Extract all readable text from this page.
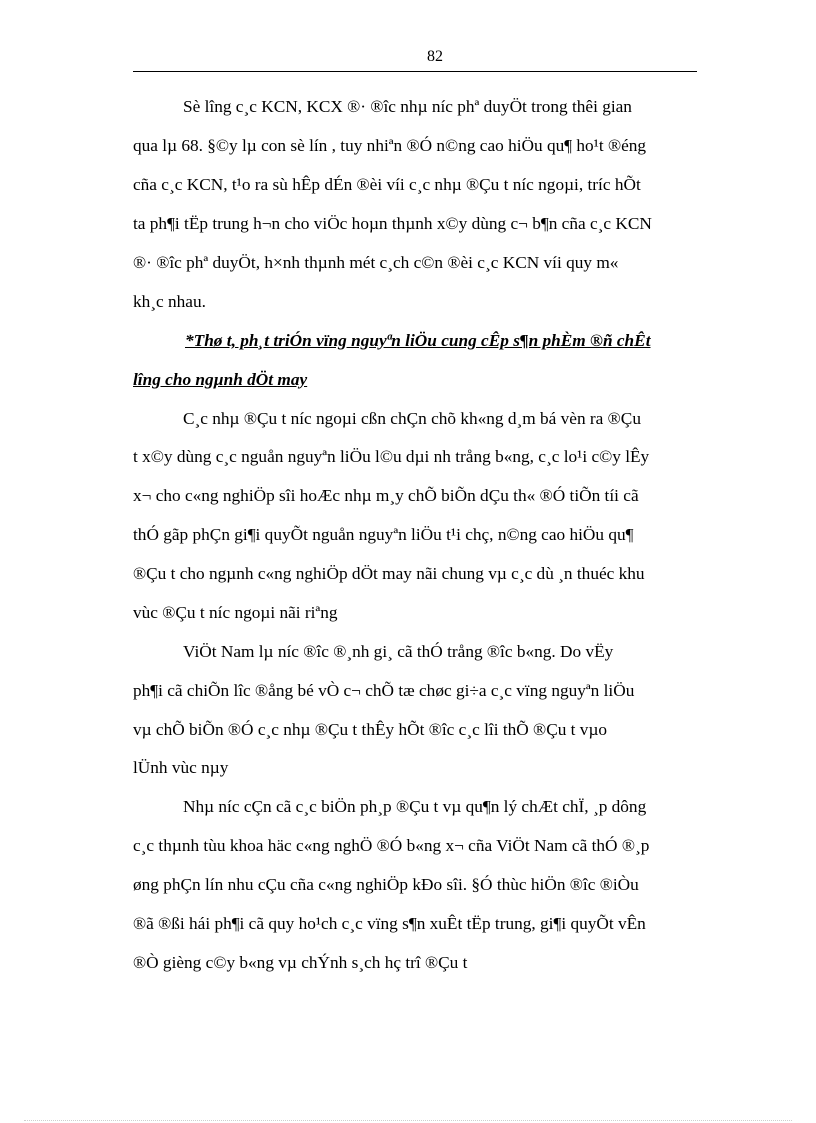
82
Sè lîng c¸c KCN, KCX ®· ®îc nhµ níc phª duyÖt trong thêi gian
qua lµ 68. §©y lµ con sè lín , tuy nhiªn ®Ó n©ng cao hiÖu qu¶ ho¹t ®éng
cña c¸c KCN, t¹o ra sù hÊp dÉn ®èi víi c¸c nhµ ®Çu t níc ngoµi, tríc hÕt
ta ph¶i tËp trung h¬n cho viÖc hoµn thµnh x©y dùng c¬ b¶n cña c¸c KCN
®· ®îc phª duyÖt, h×nh thµnh mét c¸ch c©n ®èi c¸c KCN víi quy m«
kh¸c nhau.
*Thø t, ph¸t triÓn vïng nguyªn liÖu cung cÊp s¶n phÈm ®ñ chÊt
lîng cho ngµnh dÖt may
C¸c nhµ ®Çu t níc ngoµi cßn chÇn chõ kh«ng d¸m bá vèn ra ®Çu
t x©y dùng c¸c nguån nguyªn liÖu l©u dµi nh trång b«ng, c¸c lo¹i c©y lÊy
x¬ cho c«ng nghiÖp sîi hoÆc nhµ m¸y chÕ biÕn dÇu th« ®Ó tiÕn tíi cã
thÓ gãp phÇn gi¶i quyÕt nguån nguyªn liÖu t¹i chç, n©ng cao hiÖu qu¶
®Çu t cho ngµnh c«ng nghiÖp dÖt may nãi chung vµ c¸c dù ¸n thuéc khu
vùc ®Çu t níc ngoµi nãi riªng
ViÖt Nam lµ níc ®îc ®¸nh gi¸ cã thÓ trång ®îc b«ng. Do vËy
ph¶i cã chiÕn lîc ®ång bé vÒ c¬ chÕ tæ chøc gi÷a c¸c vïng nguyªn liÖu
vµ chÕ biÕn ®Ó c¸c nhµ ®Çu t thÊy hÕt ®îc c¸c lîi thÕ ®Çu t vµo
lÜnh vùc nµy
Nhµ níc cÇn cã c¸c biÖn ph¸p ®Çu t vµ qu¶n lý chÆt chÏ, ¸p dông
c¸c thµnh tùu khoa häc c«ng nghÖ ®Ó b«ng x¬ cña ViÖt Nam cã thÓ ®¸p
øng phÇn lín nhu cÇu cña c«ng nghiÖp kÐo sîi. §Ó thùc hiÖn ®îc ®iÒu
®ã ®ßi hái ph¶i cã quy ho¹ch c¸c vïng s¶n xuÊt tËp trung, gi¶i quyÕt vÊn
®Ò gièng c©y b«ng vµ chÝnh s¸ch hç trî ®Çu t
